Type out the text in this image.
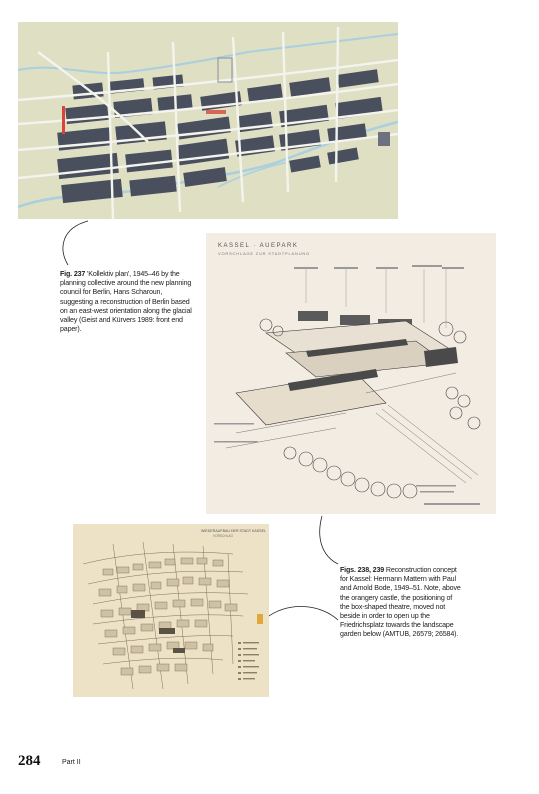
Fig. 237 'Kollektiv plan', 1945–46 by the planning collective around the new planning council for Berlin, Hans Scharoun, suggesting a reconstruction of Berlin based on an east-west orientation along the glacial valley (Geist and Kürvers 1989: front end paper).
KASSEL · AUEPARK
VORSCHLAGE ZUR STADTPLANUNG
Figs. 238, 239 Reconstruction concept for Kassel: Hermann Mattern with Paul and Arnold Bode, 1949–51. Note, above the orangery castle, the positioning of the box-shaped theatre, moved not beside in order to open up the Friedrichsplatz towards the landscape garden below (AMTUB, 26579; 26584).
WIEDERAUFBAU DER STADT KASSEL
VORSCHLAG
284	Part II
